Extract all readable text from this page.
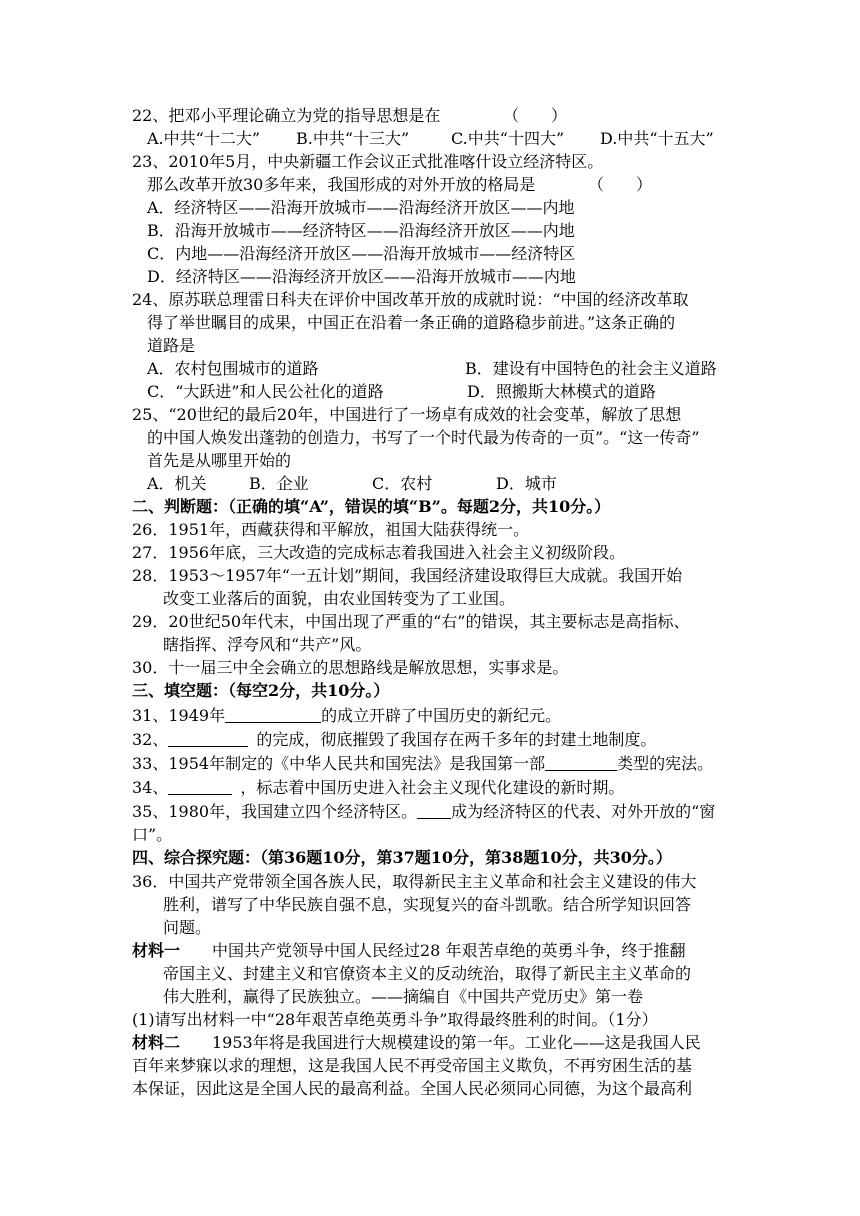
22、把邓小平理论确立为党的指导思想是在	（　　）
A.中共“十二大” B.中共“十三大”	C.中共“十四大” D.中共“十五大”
23、2010年5月，中央新疆工作会议正式批准喀什设立经济特区。
那么改革开放30多年来，我国形成的对外开放的格局是	（　　）
A．经济特区——沿海开放城市——沿海经济开放区——内地
B．沿海开放城市——经济特区——沿海经济开放区——内地
C．内地——沿海经济开放区——沿海开放城市——经济特区
D．经济特区——沿海经济开放区——沿海开放城市——内地
24、原苏联总理雷日科夫在评价中国改革开放的成就时说：“中国的经济改革取
得了举世瞩目的成果，中国正在沿着一条正确的道路稳步前进。”这条正确的
道路是
A．农村包围城市的道路	B．建设有中国特色的社会主义道路
C．“大跃进”和人民公社化的道路	D．照搬斯大林模式的道路
25、“20世纪的最后20年，中国进行了一场卓有成效的社会变革，解放了思想
的中国人焕发出蓬勃的创造力，书写了一个时代最为传奇的一页”。“这一传奇”
首先是从哪里开始的
A．机关	B．企业	C．农村	D．城市
二、判断题：（正确的填“A”，错误的填“B”。每题2分，共10分。）
26．1951年，西藏获得和平解放，祖国大陆获得统一。
27．1956年底，三大改造的完成标志着我国进入社会主义初级阶段。
28．1953～1957年“一五计划”期间，我国经济建设取得巨大成就。我国开始
改变工业落后的面貌，由农业国转变为了工业国。
29．20世纪50年代末，中国出现了严重的“右”的错误，其主要标志是高指标、
瞎指挥、浮夸风和“共产”风。
30．十一届三中全会确立的思想路线是解放思想，实事求是。
三、填空题：（每空2分，共10分。）
31、1949年	的成立开辟了中国历史的新纪元。
32、	的完成，彻底摧毁了我国存在两千多年的封建土地制度。
33、1954年制定的《中华人民共和国宪法》是我国第一部	类型的宪法。
34、	，标志着中国历史进入社会主义现代化建设的新时期。
35、1980年，我国建立四个经济特区。 成为经济特区的代表、对外开放的“窗
口”。
四、综合探究题：（第36题10分，第37题10分，第38题10分，共30分。）
36．中国共产党带领全国各族人民，取得新民主主义革命和社会主义建设的伟大
胜利，谱写了中华民族自强不息，实现复兴的奋斗凯歌。结合所学知识回答
问题。
材料一 中国共产党领导中国人民经过28 年艰苦卓绝的英勇斗争，终于推翻
帝国主义、封建主义和官僚资本主义的反动统治，取得了新民主主义革命的
伟大胜利，赢得了民族独立。——摘编自《中国共产党历史》第一卷
(1)请写出材料一中“28年艰苦卓绝英勇斗争”取得最终胜利的时间。（1分）
材料二 1953年将是我国进行大规模建设的第一年。工业化——这是我国人民
百年来梦寐以求的理想，这是我国人民不再受帝国主义欺负，不再穷困生活的基
本保证，因此这是全国人民的最高利益。全国人民必须同心同德，为这个最高利
